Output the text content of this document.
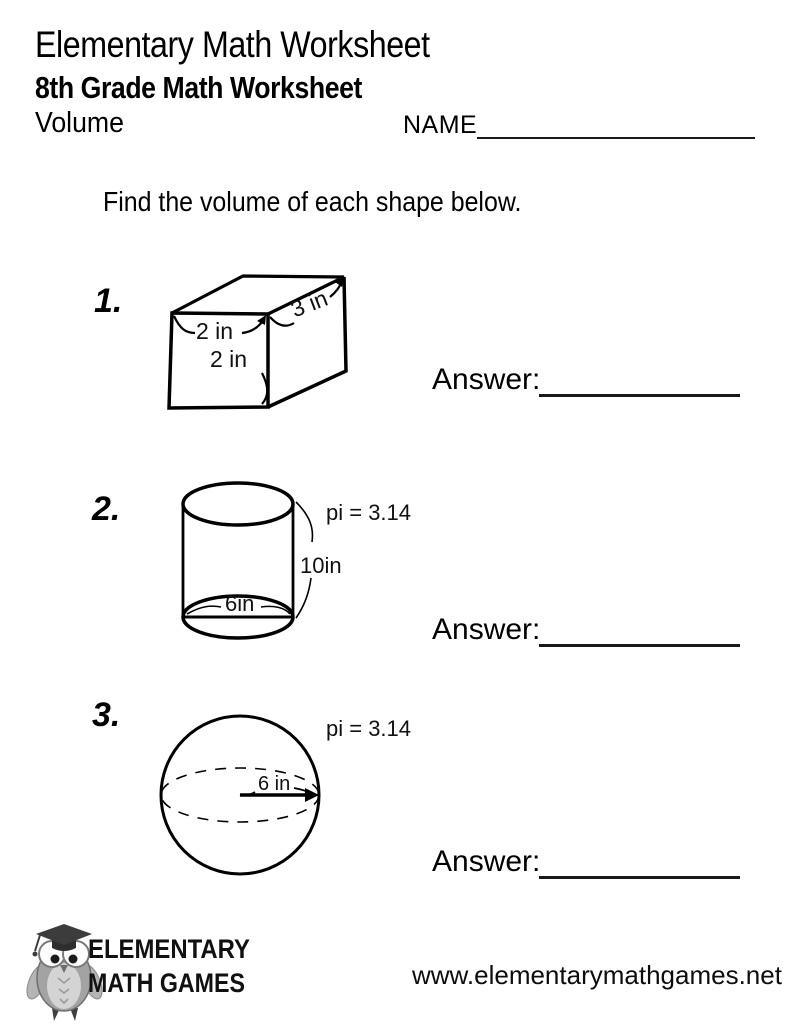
Elementary Math Worksheet
8th Grade Math Worksheet
Volume	NAME
Find the volume of each shape below.
1.
2 in
3 in
2 in
Answer:
2.
6in
pi = 3.14
10in
Answer:
3.
6 in
pi = 3.14
Answer:
ELEMENTARY
MATH GAMES	www.elementarymathgames.net
